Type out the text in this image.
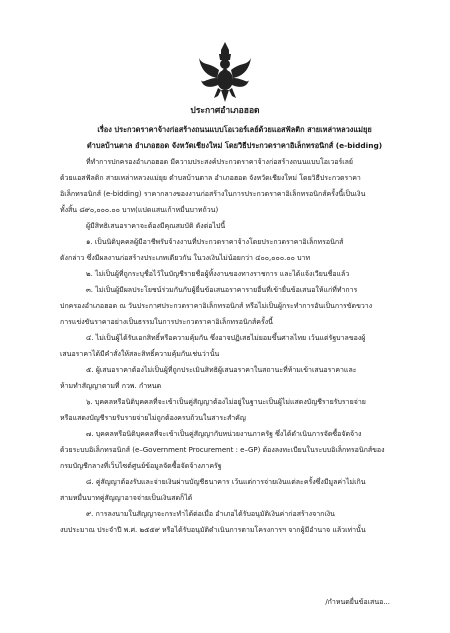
ประกาศอำเภอฮอด
เรื่อง ประกวดราคาจ้างก่อสร้างถนนแบบโอเวอร์เลย์ด้วยแอสฟัลติก สายเหล่าหลวงแม่ยุย
ตำบลบ้านตาล อำเภอฮอด จังหวัดเชียงใหม่ โดยวิธีประกวดราคาอิเล็กทรอนิกส์ (e-bidding)
ที่ทำการปกครองอำเภอฮอด มีความประสงค์ประกวดราคาจ้างก่อสร้างถนนแบบโอเวอร์เลย์
ด้วยแอสฟัลติก สายเหล่าหลวงแม่ยุย ตำบลบ้านตาล อำเภอฮอด จังหวัดเชียงใหม่ โดยวิธีประกวดราคา
อิเล็กทรอนิกส์ (e-bidding) ราคากลางของงานก่อสร้างในการประกวดราคาอิเล็กทรอนิกส์ครั้งนี้เป็นเงิน
ทั้งสิ้น ๘๙๐,๐๐๐.๐๐ บาท(แปดแสนเก้าหมื่นบาทถ้วน)
ผู้มีสิทธิเสนอราคาจะต้องมีคุณสมบัติ ดังต่อไปนี้
๑. เป็นนิติบุคคลผู้มีอาชีพรับจ้างงานที่ประกวดราคาจ้างโดยประกวดราคาอิเล็กทรอนิกส์
ดังกล่าว ซึ่งมีผลงานก่อสร้างประเภทเดียวกัน ในวงเงินไม่น้อยกว่า ๔๐๐,๐๐๐.๐๐ บาท
๒. ไม่เป็นผู้ที่ถูกระบุชื่อไว้ในบัญชีรายชื่อผู้ทิ้งงานของทางราชการ และได้แจ้งเวียนชื่อแล้ว
๓. ไม่เป็นผู้มีผลประโยชน์ร่วมกันกับผู้ยื่นข้อเสนอราคารายอื่นที่เข้ายื่นข้อเสนอให้แก่ที่ทำการ
ปกครองอำเภอฮอด ณ วันประกาศประกวดราคาอิเล็กทรอนิกส์ หรือไม่เป็นผู้กระทำการอันเป็นการขัดขวาง
การแข่งขันราคาอย่างเป็นธรรมในการประกวดราคาอิเล็กทรอนิกส์ครั้งนี้
๔. ไม่เป็นผู้ได้รับเอกสิทธิ์หรือความคุ้มกัน ซึ่งอาจปฏิเสธไม่ยอมขึ้นศาลไทย เว้นแต่รัฐบาลของผู้
เสนอราคาได้มีคำสั่งให้สละสิทธิ์ความคุ้มกันเช่นว่านั้น
๕. ผู้เสนอราคาต้องไม่เป็นผู้ที่ถูกประเมินสิทธิผู้เสนอราคาในสถานะที่ห้ามเข้าเสนอราคาและ
ห้ามทำสัญญาตามที่ กวพ. กำหนด
๖. บุคคลหรือนิติบุคคลที่จะเข้าเป็นคู่สัญญาต้องไม่อยู่ในฐานะเป็นผู้ไม่แสดงบัญชีรายรับรายจ่าย
หรือแสดงบัญชีรายรับรายจ่ายไม่ถูกต้องครบถ้วนในสาระสำคัญ
๗. บุคคลหรือนิติบุคคลที่จะเข้าเป็นคู่สัญญากับหน่วยงานภาครัฐ ซึ่งได้ดำเนินการจัดซื้อจัดจ้าง
ด้วยระบบอิเล็กทรอนิกส์ (e–Government Procurement : e–GP) ต้องลงทะเบียนในระบบอิเล็กทรอนิกส์ของ
กรมบัญชีกลางที่เว็บไซต์ศูนย์ข้อมูลจัดซื้อจัดจ้างภาครัฐ
๘. คู่สัญญาต้องรับและจ่ายเงินผ่านบัญชีธนาคาร เว้นแต่การจ่ายเงินแต่ละครั้งซึ่งมีมูลค่าไม่เกิน
สามหมื่นบาทคู่สัญญาอาจจ่ายเป็นเงินสดก็ได้
๙. การลงนามในสัญญาจะกระทำได้ต่อเมื่อ อำเภอได้รับอนุมัติเงินค่าก่อสร้างจากเงิน
งบประมาณ ประจำปี พ.ศ. ๒๕๕๙ หรือได้รับอนุมัติดำเนินการตามโครงการฯ จากผู้มีอำนาจ แล้วเท่านั้น
/กำหนดยื่นข้อเสนอ...
